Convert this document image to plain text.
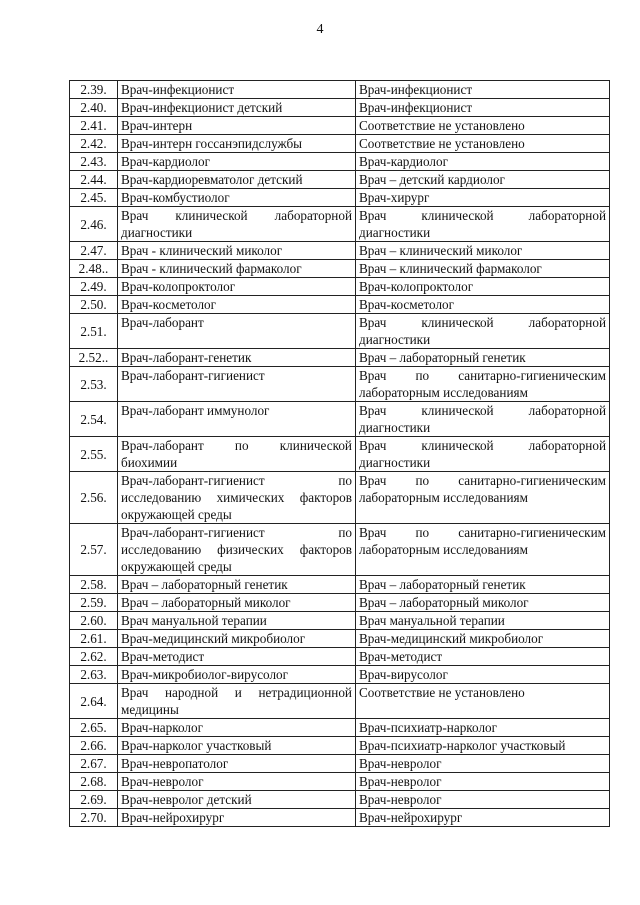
4
2.39.	Врач-инфекционист	Врач-инфекционист
2.40.	Врач-инфекционист детский	Врач-инфекционист
2.41.	Врач-интерн	Соответствие не установлено
2.42.	Врач-интерн госсанэпидслужбы	Соответствие не установлено
2.43.	Врач-кардиолог	Врач-кардиолог
2.44.	Врач-кардиоревматолог детский	Врач – детский кардиолог
2.45.	Врач-комбустиолог	Врач-хирург
2.46.	Врач клинической лабораторной диагностики	Врач клинической лабораторной диагностики
2.47.	Врач - клинический миколог	Врач – клинический миколог
2.48..	Врач - клинический фармаколог	Врач – клинический фармаколог
2.49.	Врач-колопроктолог	Врач-колопроктолог
2.50.	Врач-косметолог	Врач-косметолог
2.51.	Врач-лаборант	Врач клинической лабораторной диагностики
2.52..	Врач-лаборант-генетик	Врач – лабораторный генетик
2.53.	Врач-лаборант-гигиенист	Врач по санитарно-гигиеническим лабораторным исследованиям
2.54.	Врач-лаборант иммунолог	Врач клинической лабораторной диагностики
2.55.	Врач-лаборант по клинической биохимии	Врач клинической лабораторной диагностики
2.56.	Врач-лаборант-гигиенист по исследованию химических факторов окружающей среды	Врач по санитарно-гигиеническим лабораторным исследованиям
2.57.	Врач-лаборант-гигиенист по исследованию физических факторов окружающей среды	Врач по санитарно-гигиеническим лабораторным исследованиям
2.58.	Врач – лабораторный генетик	Врач – лабораторный генетик
2.59.	Врач – лабораторный миколог	Врач – лабораторный миколог
2.60.	Врач мануальной терапии	Врач мануальной терапии
2.61.	Врач-медицинский микробиолог	Врач-медицинский микробиолог
2.62.	Врач-методист	Врач-методист
2.63.	Врач-микробиолог-вирусолог	Врач-вирусолог
2.64.	Врач народной и нетрадиционной медицины	Соответствие не установлено
2.65.	Врач-нарколог	Врач-психиатр-нарколог
2.66.	Врач-нарколог участковый	Врач-психиатр-нарколог участковый
2.67.	Врач-невропатолог	Врач-невролог
2.68.	Врач-невролог	Врач-невролог
2.69.	Врач-невролог детский	Врач-невролог
2.70.	Врач-нейрохирург	Врач-нейрохирург
